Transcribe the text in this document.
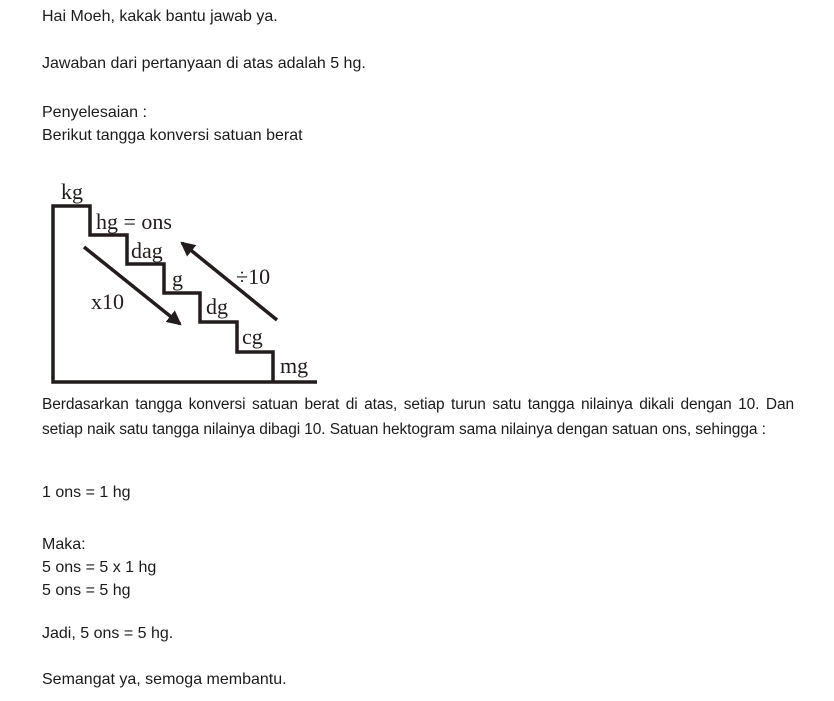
Hai Moeh, kakak bantu jawab ya.
Jawaban dari pertanyaan di atas adalah 5 hg.
Penyelesaian :
Berikut tangga konversi satuan berat
kg
hg = ons
dag
g
dg
cg
mg
x10
÷10
Berdasarkan tangga konversi satuan berat di atas, setiap turun satu tangga nilainya dikali dengan 10. Dan setiap naik satu tangga nilainya dibagi 10. Satuan hektogram sama nilainya dengan satuan ons, sehingga :
1 ons = 1 hg
Maka:
5 ons = 5 x 1 hg
5 ons = 5 hg
Jadi, 5 ons = 5 hg.
Semangat ya, semoga membantu.
